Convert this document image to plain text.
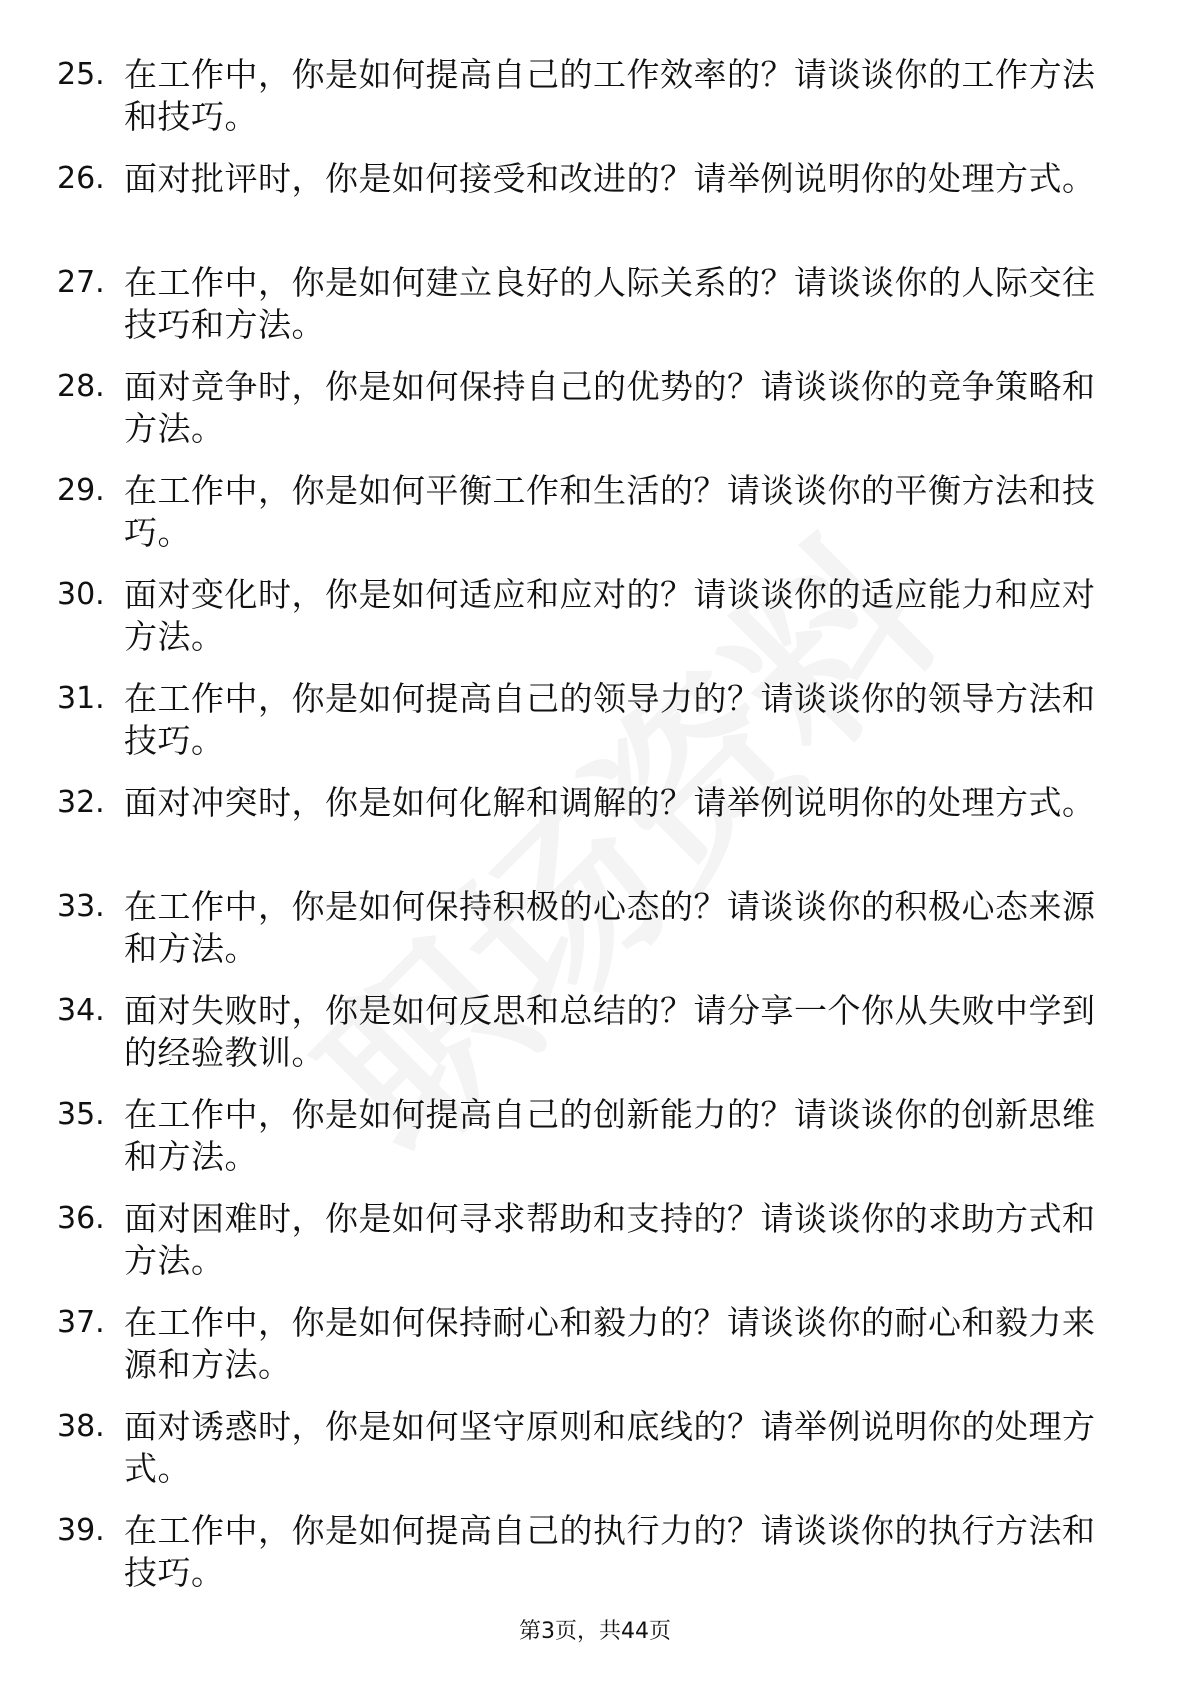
25. 在工作中，你是如何提高自己的工作效率的？请谈谈你的工作方法和技巧。
26. 面对批评时，你是如何接受和改进的？请举例说明你的处理方式。
27. 在工作中，你是如何建立良好的人际关系的？请谈谈你的人际交往技巧和方法。
28. 面对竞争时，你是如何保持自己的优势的？请谈谈你的竞争策略和方法。
29. 在工作中，你是如何平衡工作和生活的？请谈谈你的平衡方法和技巧。
30. 面对变化时，你是如何适应和应对的？请谈谈你的适应能力和应对方法。
31. 在工作中，你是如何提高自己的领导力的？请谈谈你的领导方法和技巧。
32. 面对冲突时，你是如何化解和调解的？请举例说明你的处理方式。
33. 在工作中，你是如何保持积极的心态的？请谈谈你的积极心态来源和方法。
34. 面对失败时，你是如何反思和总结的？请分享一个你从失败中学到的经验教训。
35. 在工作中，你是如何提高自己的创新能力的？请谈谈你的创新思维和方法。
36. 面对困难时，你是如何寻求帮助和支持的？请谈谈你的求助方式和方法。
37. 在工作中，你是如何保持耐心和毅力的？请谈谈你的耐心和毅力来源和方法。
38. 面对诱惑时，你是如何坚守原则和底线的？请举例说明你的处理方式。
39. 在工作中，你是如何提高自己的执行力的？请谈谈你的执行方法和技巧。
第3页，共44页
